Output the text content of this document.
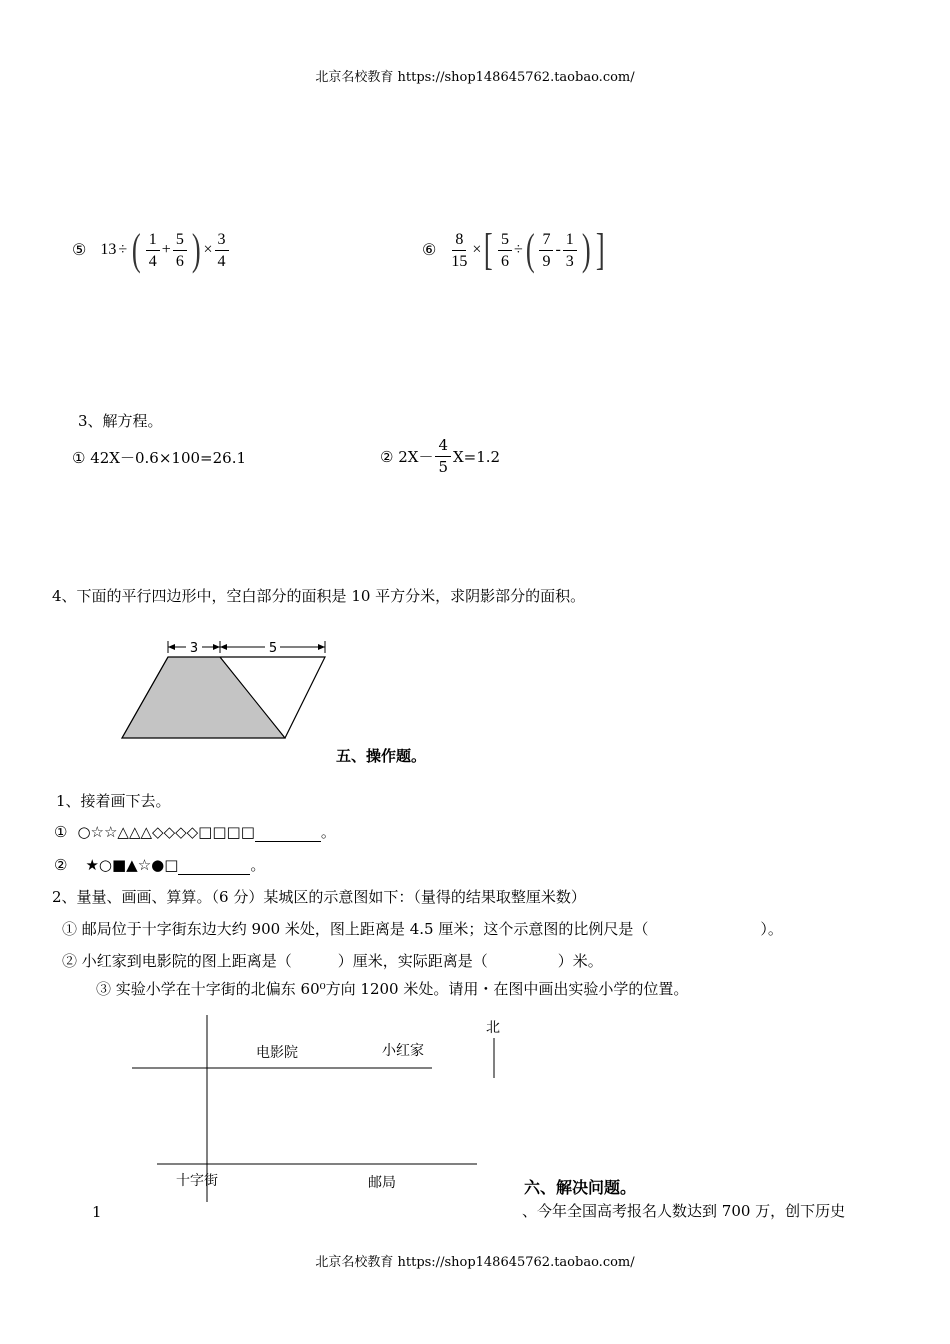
北京名校教育 https://shop148645762.taobao.com/
⑤ 13 ÷ ( $\frac{1}{4} + \frac{5}{6}$ ) × $\frac{3}{4}$	⑥ $\frac{8}{15}$ × [ $\frac{5}{6}$ ÷ ( $\frac{7}{9} - \frac{1}{3}$ ) ]
3、解方程。
① 42X－0.6×100=26.1	② $2X- \frac{4}{5} X=1.2$
4、下面的平行四边形中，空白部分的面积是 10 平方分米，求阴影部分的面积。
3	5
五、操作题。
1、接着画下去。
① ○☆☆△△△◇◇◇◇□□□□	。
② ★○■▲☆●□	。
2、量量、画画、算算。（6 分）某城区的示意图如下：（量得的结果取整厘米数）
① 邮局位于十字街东边大约 900 米处，图上距离是 4.5 厘米；这个示意图的比例尺是（	）。
② 小红家到电影院的图上距离是（	）厘米，实际距离是（	）米。
③ 实验小学在十字街的北偏东 60⁰方向 1200 米处。请用・在图中画出实验小学的位置。
电影院	小红家
北
十字街	邮局	六、解决问题。
、今年全国高考报名人数达到 700 万，创下历史
1
北京名校教育 https://shop148645762.taobao.com/
